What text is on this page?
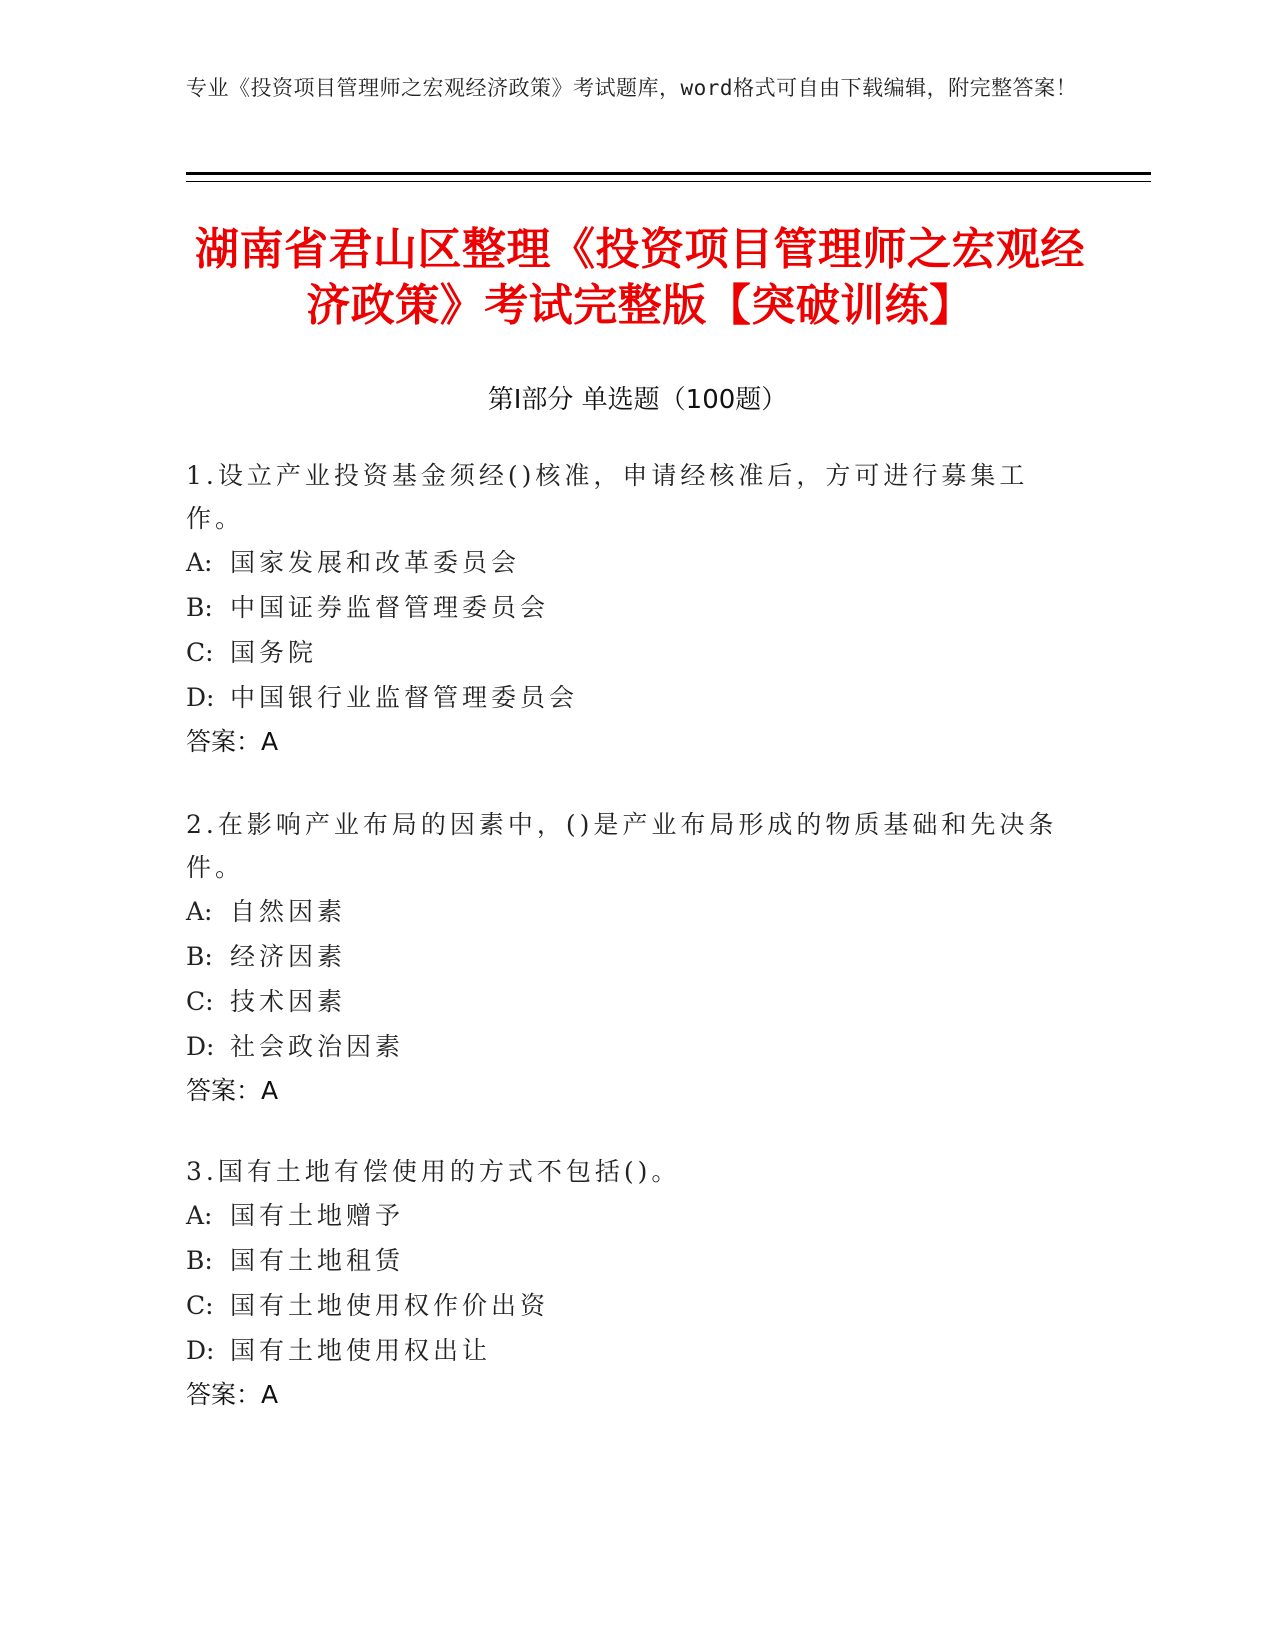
专业《投资项目管理师之宏观经济政策》考试题库，word格式可自由下载编辑，附完整答案！
湖南省君山区整理《投资项目管理师之宏观经济政策》考试完整版【突破训练】
第Ⅰ部分 单选题（100题）

1.设立产业投资基金须经()核准，申请经核准后，方可进行募集工作。

A: 国家发展和改革委员会

B: 中国证券监督管理委员会

C: 国务院

D: 中国银行业监督管理委员会

答案：A

2.在影响产业布局的因素中，()是产业布局形成的物质基础和先决条件。

A: 自然因素

B: 经济因素

C: 技术因素

D: 社会政治因素

答案：A

3.国有土地有偿使用的方式不包括()。

A: 国有土地赠予

B: 国有土地租赁

C: 国有土地使用权作价出资

D: 国有土地使用权出让

答案：A
